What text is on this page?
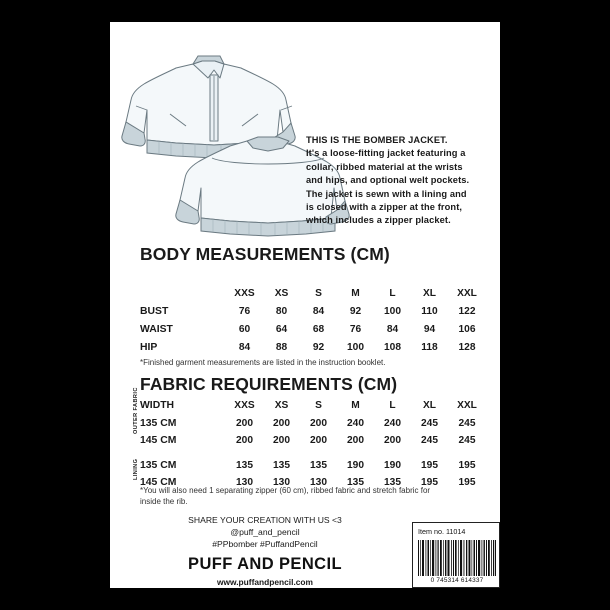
THIS IS THE BOMBER JACKET.
It's a loose-fitting jacket featuring a
collar, ribbed material at the wrists
and hips, and optional welt pockets.
The jacket is sewn with a lining and
is closed with a zipper at the front,
which includes a zipper placket.
BODY MEASUREMENTS (CM)
	XXS	XS	S	M	L	XL	XXL
BUST	76	80	84	92	100	110	122
WAIST	60	64	68	76	84	94	106
HIP	84	88	92	100	108	118	128
*Finished garment measurements are listed in the instruction booklet.
FABRIC REQUIREMENTS (CM)
OUTER FABRIC
LINING
WIDTH	XXS	XS	S	M	L	XL	XXL
135 CM	200	200	200	240	240	245	245
145 CM	200	200	200	200	200	245	245

135 CM	135	135	135	190	190	195	195
145 CM	130	130	130	135	135	195	195
*You will also need 1 separating zipper (60 cm), ribbed fabric and stretch fabric for inside the rib.
SHARE YOUR CREATION WITH US <3
@puff_and_pencil
#PPbomber #PuffandPencil
PUFF AND PENCIL
www.puffandpencil.com
Item no. 11014
0 745314 614337
